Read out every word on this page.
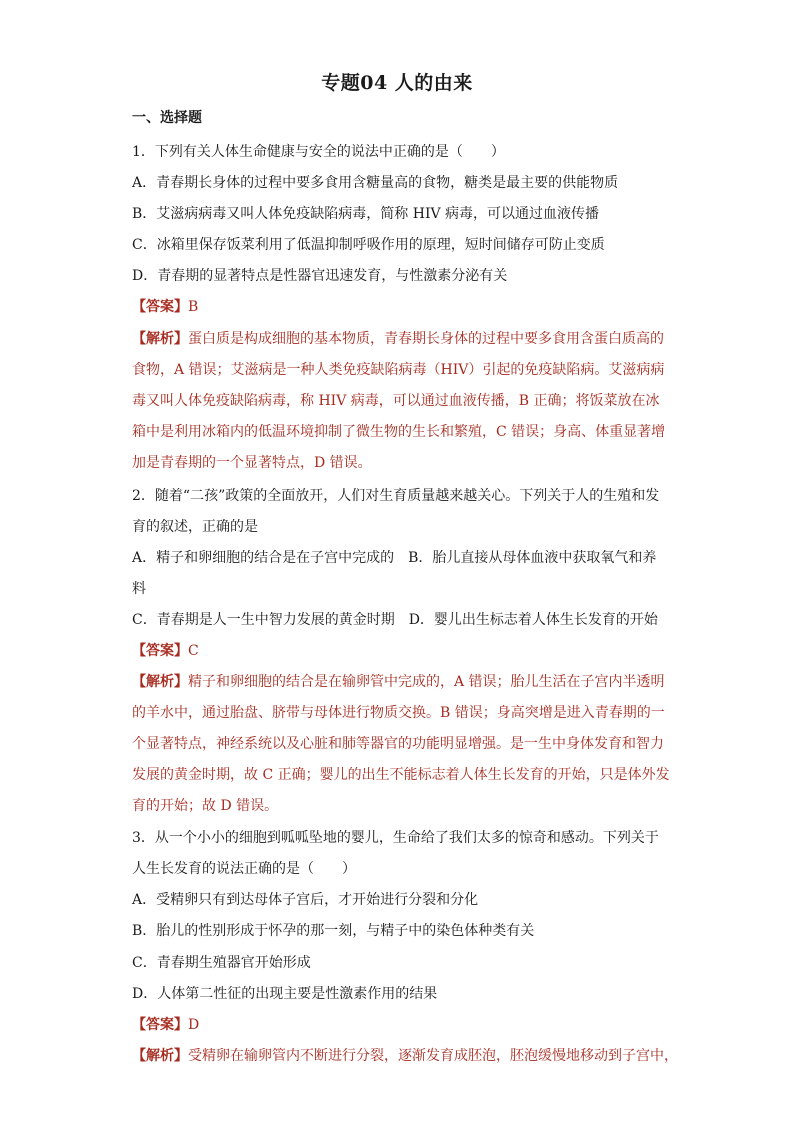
专题04 人的由来
一、选择题
1．下列有关人体生命健康与安全的说法中正确的是（　　）
A．青春期长身体的过程中要多食用含糖量高的食物，糖类是最主要的供能物质
B．艾滋病病毒又叫人体免疫缺陷病毒，简称 HIV 病毒，可以通过血液传播
C．冰箱里保存饭菜利用了低温抑制呼吸作用的原理，短时间储存可防止变质
D．青春期的显著特点是性器官迅速发育，与性激素分泌有关
【答案】B
【解析】蛋白质是构成细胞的基本物质，青春期长身体的过程中要多食用含蛋白质高的
食物，A 错误；艾滋病是一种人类免疫缺陷病毒（HIV）引起的免疫缺陷病。艾滋病病
毒又叫人体免疫缺陷病毒，称 HIV 病毒，可以通过血液传播，B 正确；将饭菜放在冰
箱中是利用冰箱内的低温环境抑制了微生物的生长和繁殖，C 错误；身高、体重显著增
加是青春期的一个显著特点，D 错误。
2．随着“二孩”政策的全面放开，人们对生育质量越来越关心。下列关于人的生殖和发
育的叙述，正确的是
A．精子和卵细胞的结合是在子宫中完成的　B．胎儿直接从母体血液中获取氧气和养
料
C．青春期是人一生中智力发展的黄金时期　D．婴儿出生标志着人体生长发育的开始
【答案】C
【解析】精子和卵细胞的结合是在输卵管中完成的，A 错误；胎儿生活在子宫内半透明
的羊水中，通过胎盘、脐带与母体进行物质交换。B 错误；身高突增是进入青春期的一
个显著特点，神经系统以及心脏和肺等器官的功能明显增强。是一生中身体发育和智力
发展的黄金时期，故 C 正确；婴儿的出生不能标志着人体生长发育的开始，只是体外发
育的开始；故 D 错误。
3．从一个小小的细胞到呱呱坠地的婴儿，生命给了我们太多的惊奇和感动。下列关于
人生长发育的说法正确的是（　　）
A．受精卵只有到达母体子宫后，才开始进行分裂和分化
B．胎儿的性别形成于怀孕的那一刻，与精子中的染色体种类有关
C．青春期生殖器官开始形成
D．人体第二性征的出现主要是性激素作用的结果
【答案】D
【解析】受精卵在输卵管内不断进行分裂，逐渐发育成胚泡，胚泡缓慢地移动到子宫中，
